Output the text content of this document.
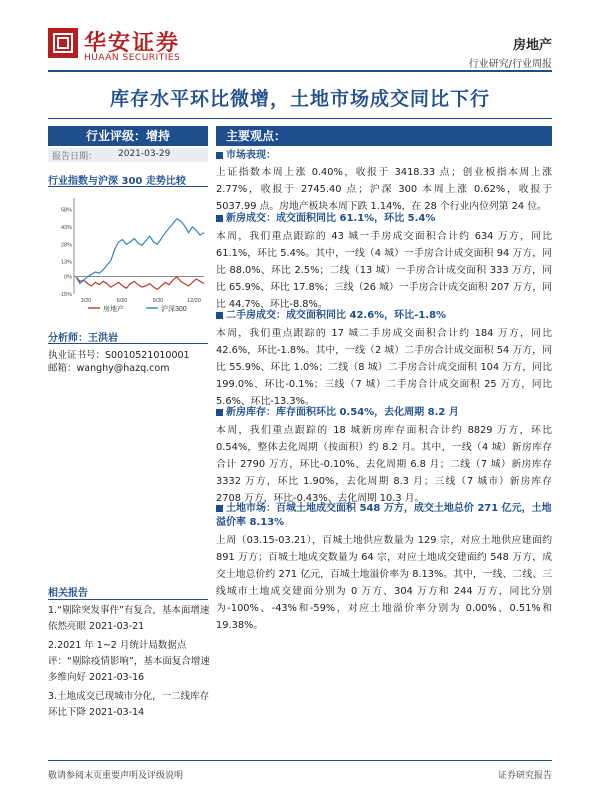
华安证券
HUAAN SECURITIES
房地产
行业研究/行业周报
库存水平环比微增，土地市场成交同比下行
行业评级：增持
报告日期： 2021-03-29
行业指数与沪深 300 走势比较
-15%
0%
13%
28%
43%
58%
3/20	6/20	9/20	12/20
房地产	沪深300
分析师：王洪岩
执业证书号：S0010521010001
邮箱：wanghy@hazq.com
相关报告
1.“剔除突发事件”有复合，基本面增速依然亮眼 2021-03-21
2.2021 年 1~2 月统计局数据点评：“剔除疫情影响”，基本面复合增速多维向好 2021-03-16
3.土地成交已现城市分化，一二线库存环比下降 2021-03-14
主要观点：
市场表现：
上证指数本周上涨 0.40%，收报于 3418.33 点；创业板指本周上涨 2.77%，收报于 2745.40 点；沪深 300 本周上涨 0.62%，收报于 5037.99 点。房地产板块本周下跌 1.14%，在 28 个行业内位列第 24 位。
新房成交：成交面积同比 61.1%，环比 5.4%
本周，我们重点跟踪的 43 城一手房成交面积合计约 634 万方，同比 61.1%，环比 5.4%。其中，一线（4 城）一手房合计成交面积 94 万方，同比 88.0%、环比 2.5%；二线（13 城）一手房合计成交面积 333 万方，同比 65.9%、环比 17.8%；三线（26 城）一手房合计成交面积 207 万方，同比 44.7%、环比-8.8%。
二手房成交：成交面积同比 42.6%，环比-1.8%
本周，我们重点跟踪的 17 城二手房成交面积合计约 184 万方，同比 42.6%，环比-1.8%。其中，一线（2 城）二手房合计成交面积 54 万方，同比 55.9%、环比 1.0%；二线（8 城）二手房合计成交面积 104 万方，同比 199.0%、环比-0.1%；三线（7 城）二手房合计成交面积 25 万方，同比 5.6%、环比-13.3%。
新房库存：库存面积环比 0.54%，去化周期 8.2 月
本周，我们重点跟踪的 18 城新房库存面积合计约 8829 万方，环比 0.54%，整体去化周期（按面积）约 8.2 月。其中，一线（4 城）新房库存合计 2790 万方，环比-0.10%、去化周期 6.8 月；二线（7 城）新房库存 3332 万方，环比 1.90%，去化周期 8.3 月；三线（7 城市）新房库存 2708 万方，环比-0.43%、去化周期 10.3 月。
土地市场：百城土地成交面积 548 万方，成交土地总价 271 亿元，土地溢价率 8.13%
上周（03.15-03.21），百城土地供应数量为 129 宗，对应土地供应建面约 891 万方；百城土地成交数量为 64 宗，对应土地成交建面约 548 万方，成交土地总价约 271 亿元，百城土地溢价率为 8.13%。其中，一线、二线、三线城市土地成交建面分别为 0 万方、304 万方和 244 万方，同比分别为-100%、-43%和-59%，对应土地溢价率分别为 0.00%、0.51%和 19.38%。
敬请参阅末页重要声明及评级说明	证券研究报告
